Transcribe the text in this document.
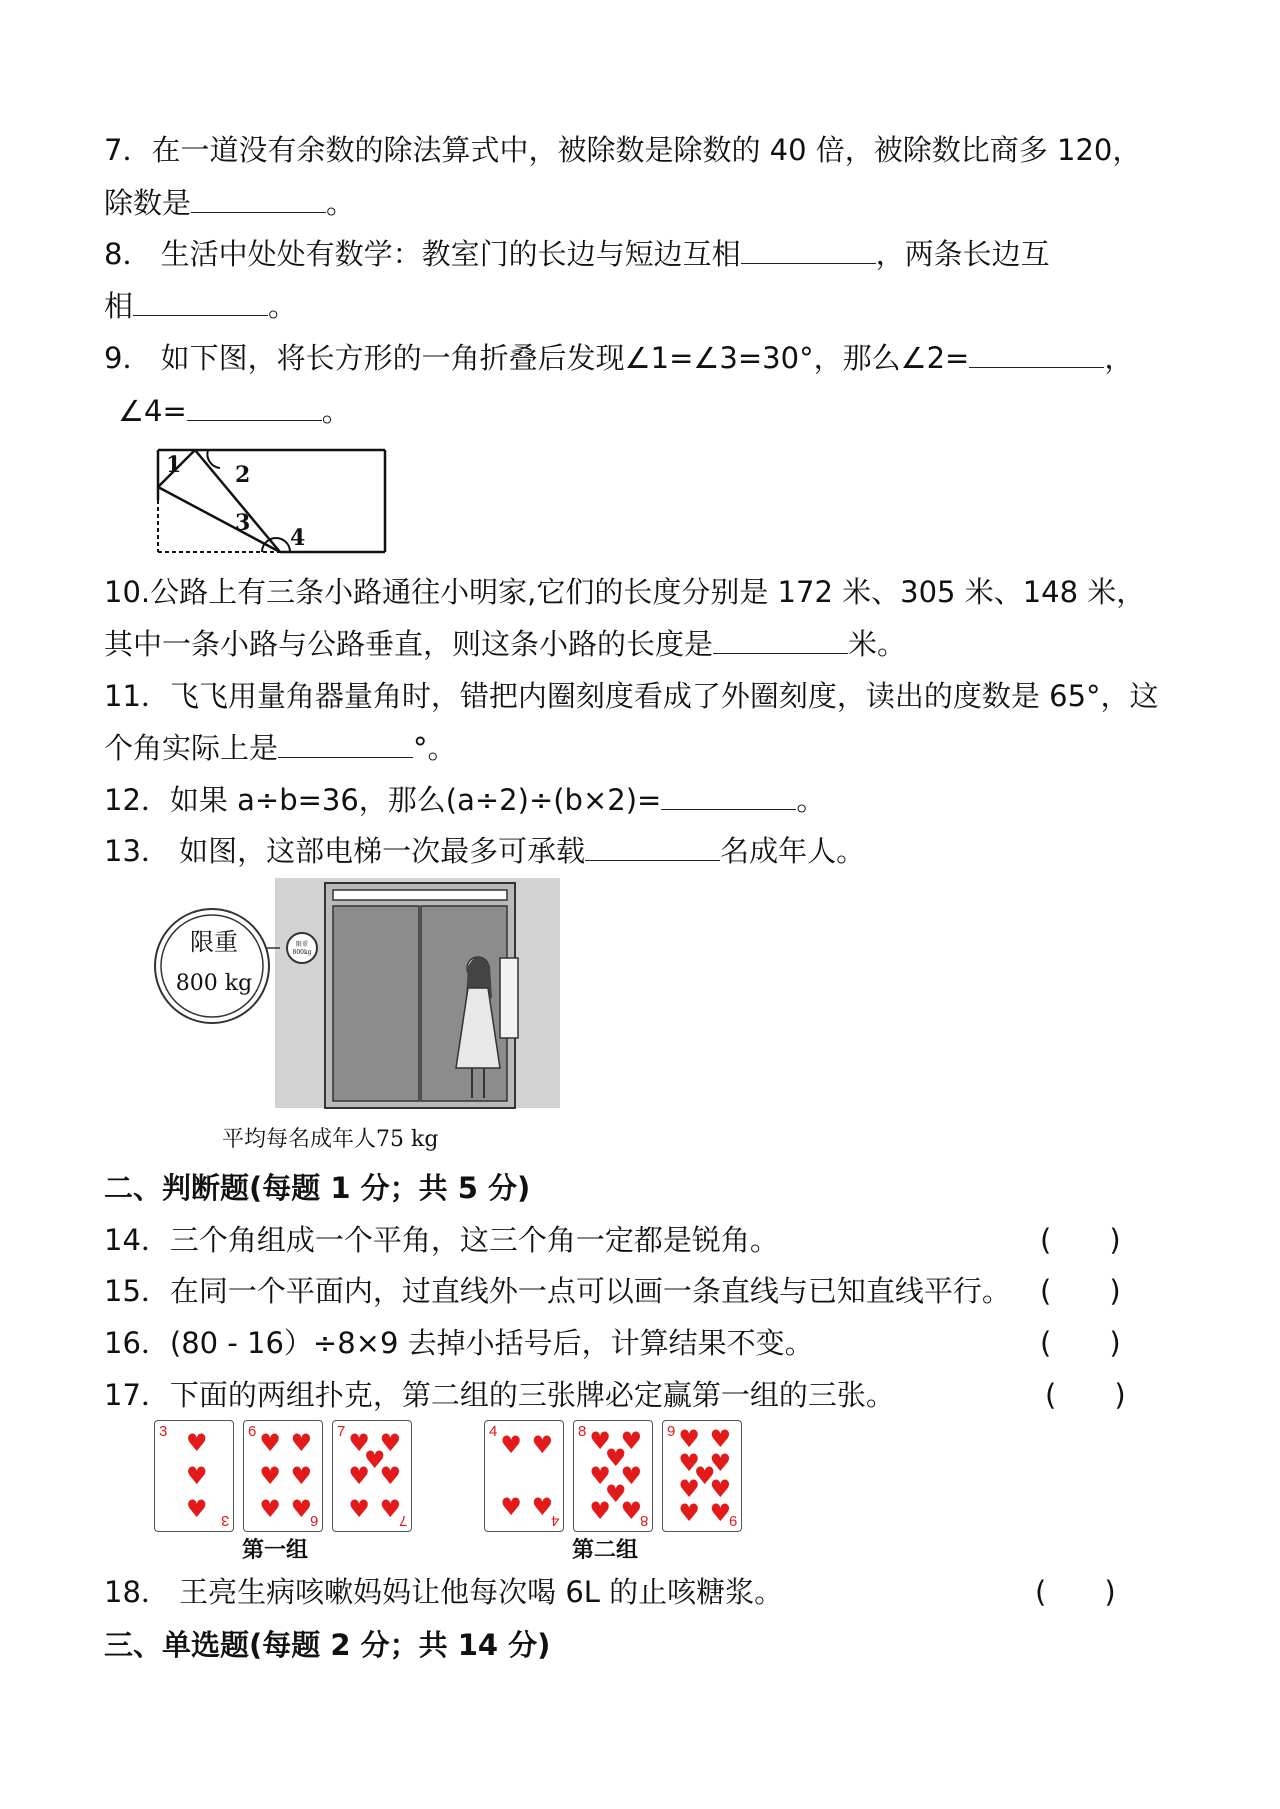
7．在一道没有余数的除法算式中，被除数是除数的 40 倍，被除数比商多 120，
除数是	。
8． 生活中处处有数学：教室门的长边与短边互相	，两条长边互
相	。
9． 如下图，将长方形的一角折叠后发现∠1=∠3=30°，那么∠2=	，
∠4=	。
1 2
3
4
10.公路上有三条小路通往小明家,它们的长度分别是 172 米、305 米、148 米，
其中一条小路与公路垂直，则这条小路的长度是	米。
11．飞飞用量角器量角时，错把内圈刻度看成了外圈刻度，读出的度数是 65°，这
个角实际上是	°。
12．如果 a÷b=36，那么(a÷2)÷(b×2)=	。
13． 如图，这部电梯一次最多可承载	名成年人。
限重
800kg
限重
800 kg
平均每名成年人75 kg
二、判断题(每题 1 分；共 5 分)
14．三个角组成一个平角，这三个角一定都是锐角。	(　　)
15．在同一个平面内，过直线外一点可以画一条直线与已知直线平行。 (　　)
16．(80 - 16）÷8×9 去掉小括号后，计算结果不变。	(　　)
17．下面的两组扑克，第二组的三张牌必定赢第一组的三张。	(　　)
3
3
♥
♥
♥
6
6
♥ ♥
♥ ♥
♥ ♥
7
7
♥ ♥
♥
♥ ♥
♥ ♥
4
4
♥ ♥
♥ ♥
8
8
♥ ♥
♥
♥ ♥
♥
♥ ♥
9
9
♥ ♥
♥ ♥
♥
♥ ♥
♥ ♥
第一组	第二组
18． 王亮生病咳嗽妈妈让他每次喝 6L 的止咳糖浆。	(　　)
三、单选题(每题 2 分；共 14 分)
